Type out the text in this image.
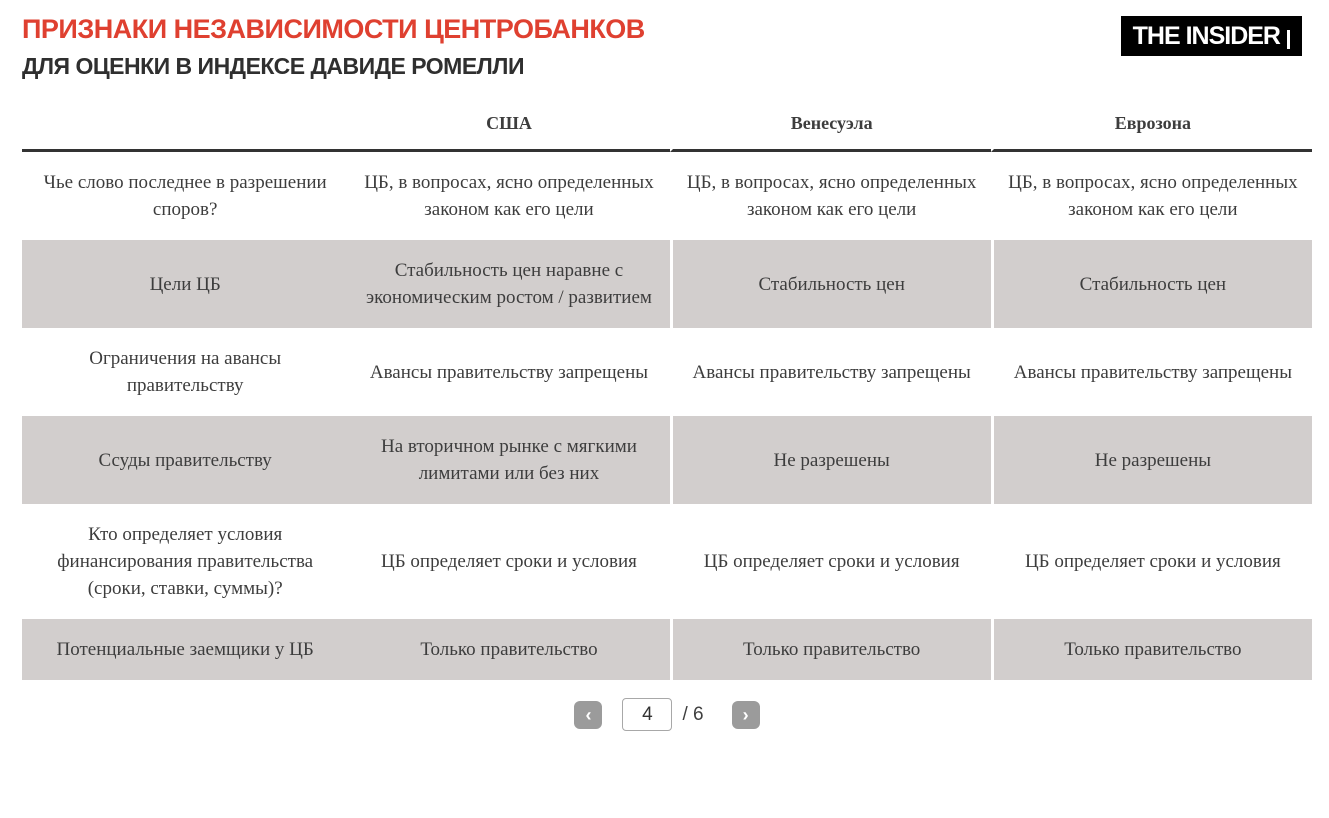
ПРИЗНАКИ НЕЗАВИСИМОСТИ ЦЕНТРОБАНКОВ
ДЛЯ ОЦЕНКИ В ИНДЕКСЕ ДАВИДЕ РОМЕЛЛИ
THE INSIDER
	США	Венесуэла	Еврозона
Чье слово последнее в разрешении споров?	ЦБ, в вопросах, ясно определенных законом как его цели	ЦБ, в вопросах, ясно определенных законом как его цели	ЦБ, в вопросах, ясно определенных законом как его цели
Цели ЦБ	Стабильность цен наравне с экономическим ростом / развитием	Стабильность цен	Стабильность цен
Ограничения на авансы правительству	Авансы правительству запрещены	Авансы правительству запрещены	Авансы правительству запрещены
Ссуды правительству	На вторичном рынке с мягкими лимитами или без них	Не разрешены	Не разрешены
Кто определяет условия финансирования правительства (сроки, ставки, суммы)?	ЦБ определяет сроки и условия	ЦБ определяет сроки и условия	ЦБ определяет сроки и условия
Потенциальные заемщики у ЦБ	Только правительство	Только правительство	Только правительство
‹
4	/ 6	›
